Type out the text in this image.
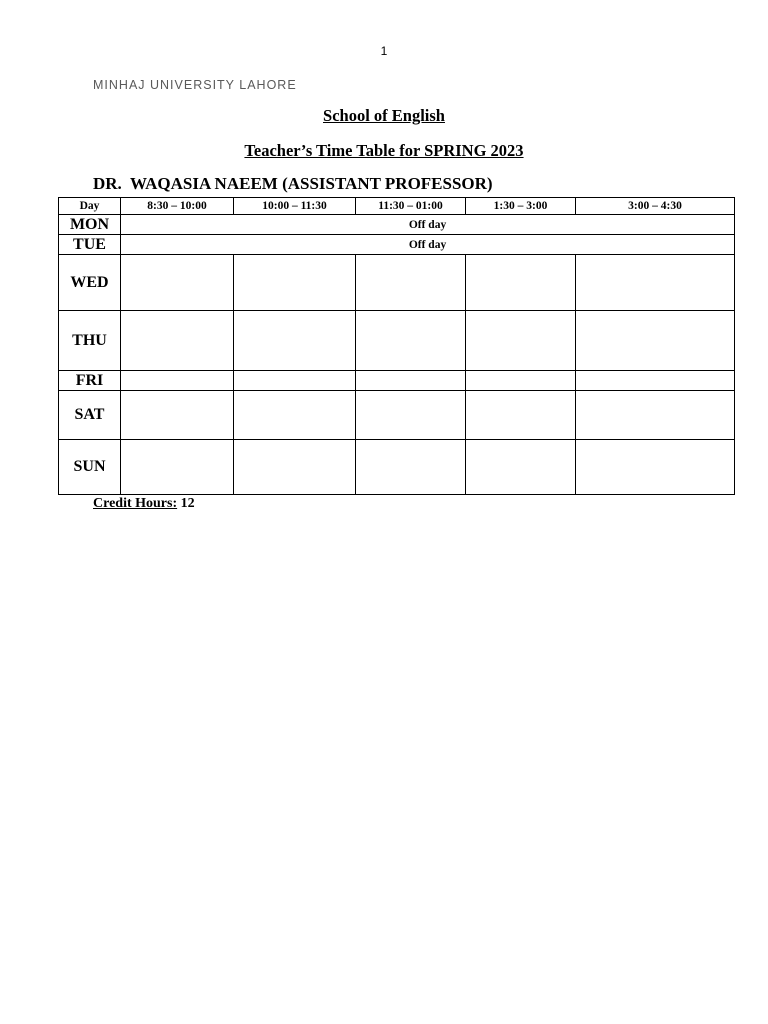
1
MINHAJ UNIVERSITY LAHORE
School of English
Teacher’s Time Table for SPRING 2023
DR.  WAQASIA NAEEM (ASSISTANT PROFESSOR)
Day	8:30 – 10:00	10:00 – 11:30	11:30 – 01:00	1:30 – 3:00	3:00 – 4:30
MON	Off day				
TUE	Off day				
WED					
THU					
FRI					
SAT					
SUN					
Credit Hours: 12
